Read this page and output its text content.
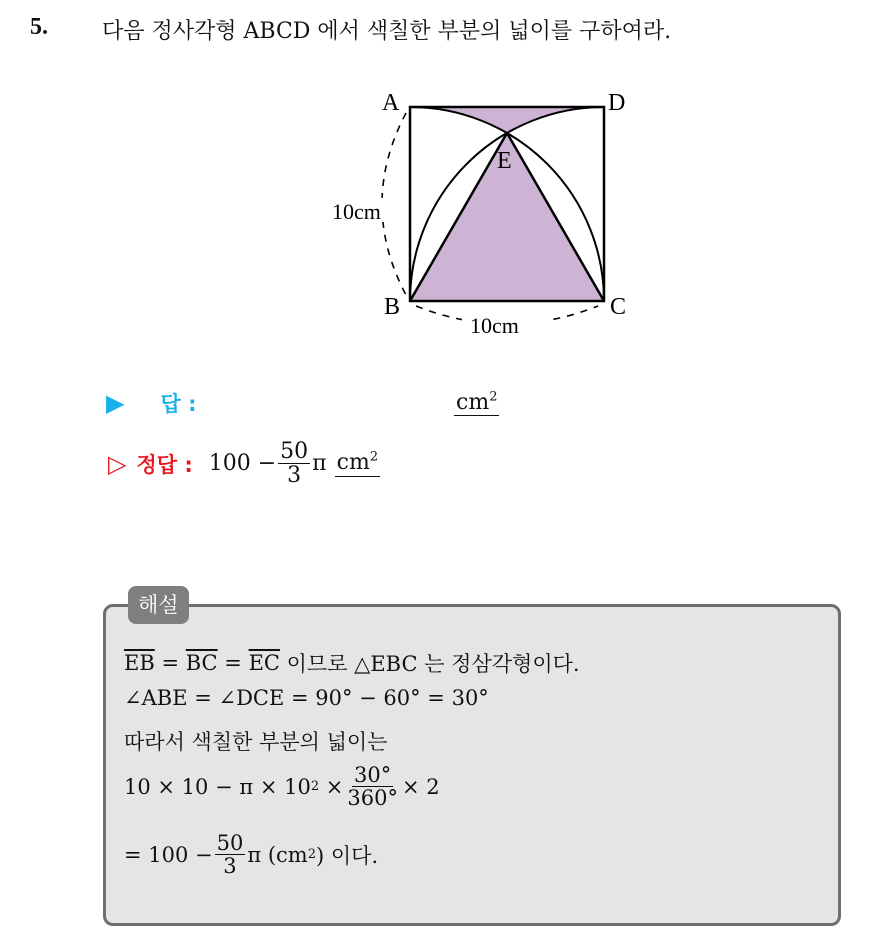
5. 다음 정사각형 ABCD 에서 색칠한 부분의 넓이를 구하여라.
A	D
B	C
E
10cm
10cm
▶ 답 :	$cm^2$
▷ 정답 : $100 - \frac{50}{3}$ π $cm^2$
해설
$\overline{EB} = \overline{BC} = \overline{EC}$ 이므로 △EBC 는 정삼각형이다.
∠ABE = ∠DCE = 90° − 60° = 30°
따라서 색칠한 부분의 넓이는
10 × 10 − π × 10 $2 \times \frac{30^\circ}{360^\circ} \times 2$
= $100 - \frac{50}{3}$ π (cm 2 ) 이다.
